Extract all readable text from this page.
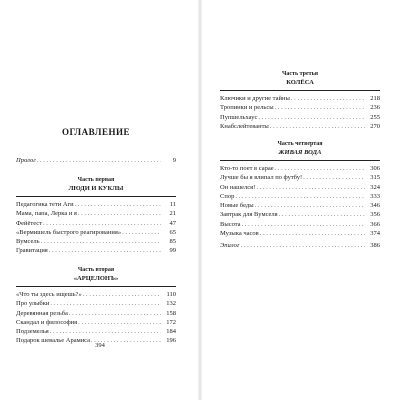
ОГЛАВЛЕНИЕ
Пролог . . .	9
Часть первая
ЛЮДИ И КУКЛЫ
Педагогика тети Аги . . .	11
Мама, папа, Лерка и я . . .	21
Фейётест . . .	47
«Вермишель быстрого реагирования» . . .	65
Вумсель . . .	85
Гравитация . . .	99
Часть вторая
«АРЦЕЛОНЪ»
«Что ты здесь ищешь?» . . .	110
Про улыбки . . .	132
Деревянная резьба . . .	158
Скандал и философия . . .	172
Подземелья . . .	184
Подарок шевалье Арамиса . . .	196
394
Часть третья
КОЛЁСА
Ключики и другие тайны . . .	218
Тропинки и рельсы . . .	236
Пупшельхаус . . .	255
Кнабслейтеванты . . .	270
Часть четвертая
ЖИВАЯ ВОДА
Кто-то поет в сарае . . .	306
Лучше бы я влипал по футбу! . . .	315
Он нашелся! . . .	324
Спор . . .	333
Новые беды . . .	346
Завтрак для Вумселя . . .	356
Высота . . .	366
Музыка часов . . .	374
Эпилог . . .	386
